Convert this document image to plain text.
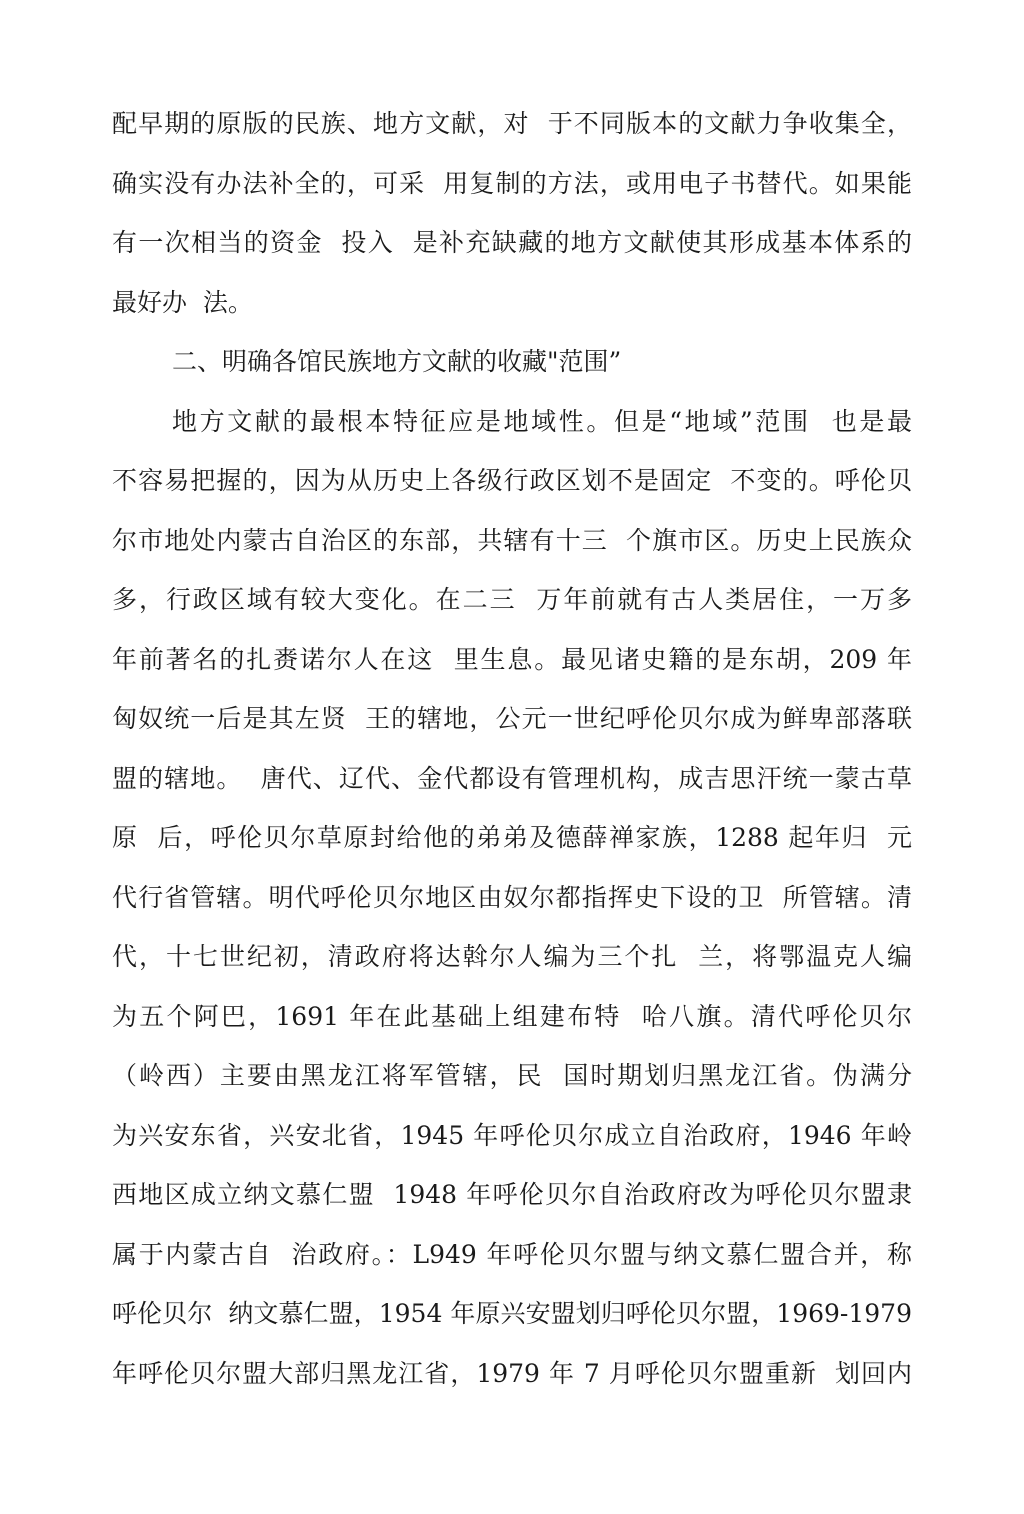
配早期的原版的民族、地方文献，对  于不同版本的文献力争收集全，
确实没有办法补全的，可采  用复制的方法，或用电子书替代。如果能
有一次相当的资金  投入  是补充缺藏的地方文献使其形成基本体系的
最好办  法。
二、明确各馆民族地方文献的收藏"范围”
地方文献的最根本特征应是地域性。但是“地域”范围  也是最
不容易把握的，因为从历史上各级行政区划不是固定  不变的。呼伦贝
尔市地处内蒙古自治区的东部，共辖有十三  个旗市区。历史上民族众
多，行政区域有较大变化。在二三  万年前就有古人类居住，一万多
年前著名的扎赉诺尔人在这  里生息。最见诸史籍的是东胡，209 年
匈奴统一后是其左贤  王的辖地，公元一世纪呼伦贝尔成为鲜卑部落联
盟的辖地。  唐代、辽代、金代都设有管理机构，成吉思汗统一蒙古草
原  后，呼伦贝尔草原封给他的弟弟及德薛禅家族，1288 起年归  元
代行省管辖。明代呼伦贝尔地区由奴尔都指挥史下设的卫  所管辖。清
代，十七世纪初，清政府将达斡尔人编为三个扎  兰，将鄂温克人编
为五个阿巴，1691 年在此基础上组建布特  哈八旗。清代呼伦贝尔
（岭西）主要由黑龙江将军管辖，民  国时期划归黑龙江省。伪满分
为兴安东省，兴安北省，1945 年呼伦贝尔成立自治政府，1946 年岭
西地区成立纳文慕仁盟  1948 年呼伦贝尔自治政府改为呼伦贝尔盟隶
属于内蒙古自  治政府。：L949 年呼伦贝尔盟与纳文慕仁盟合并，称
呼伦贝尔  纳文慕仁盟，1954 年原兴安盟划归呼伦贝尔盟，1969-1979
年呼伦贝尔盟大部归黑龙江省，1979 年 7 月呼伦贝尔盟重新  划回内
